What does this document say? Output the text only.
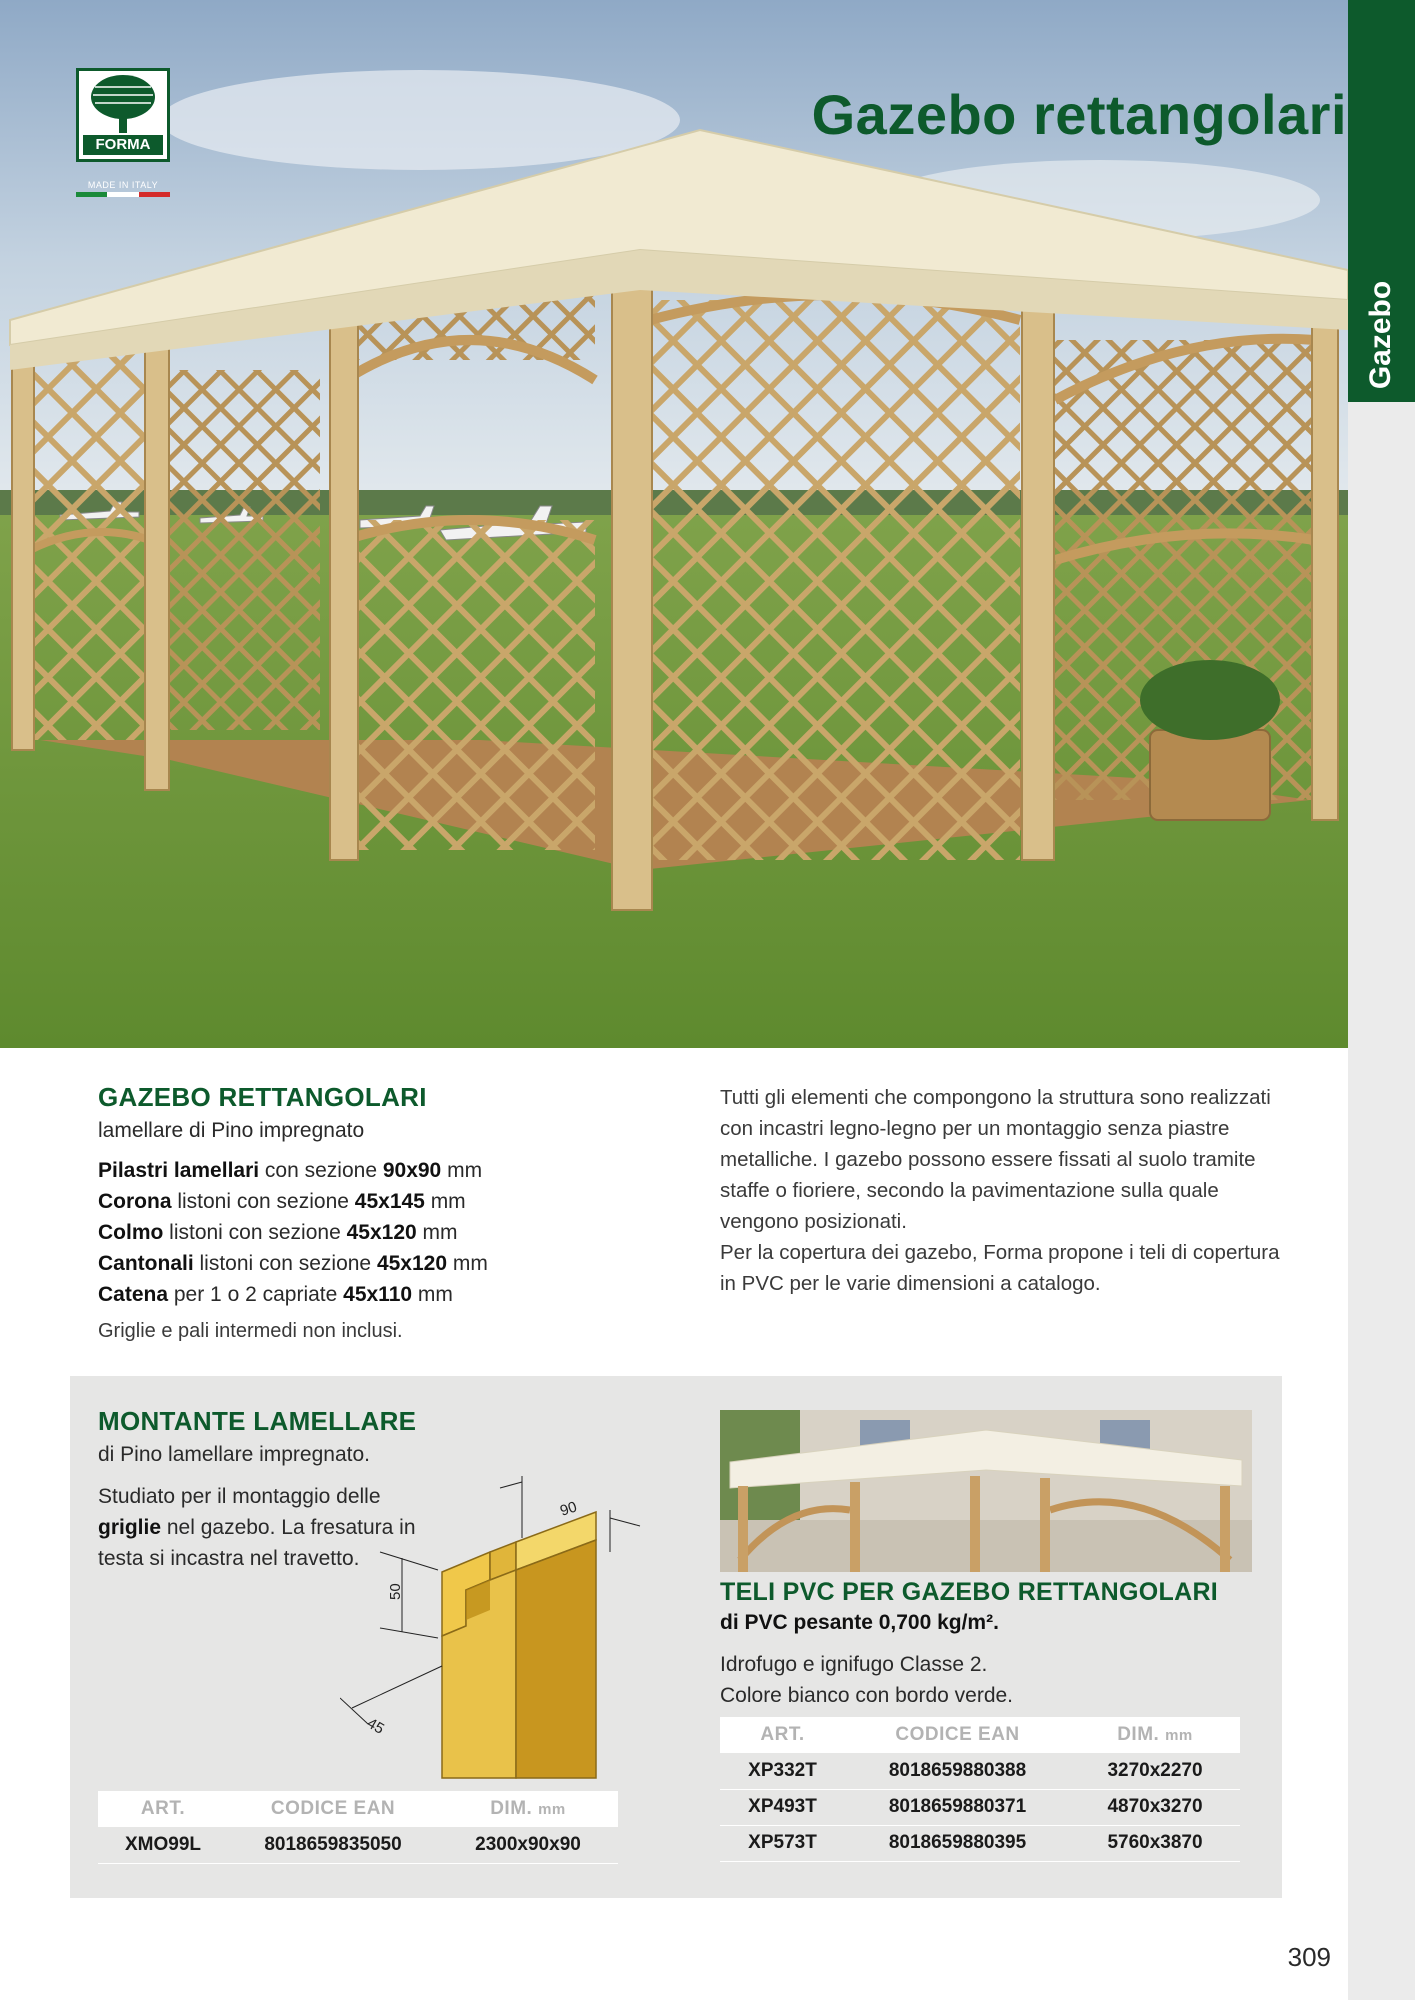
Gazebo rettangolari
FORMA
MADE IN ITALY
Gazebo
GAZEBO RETTANGOLARI
lamellare di Pino impregnato
Pilastri lamellari con sezione 90x90 mm
Corona listoni con sezione 45x145 mm
Colmo listoni con sezione 45x120 mm
Cantonali listoni con sezione 45x120 mm
Catena per 1 o 2 capriate 45x110 mm
Griglie e pali intermedi non inclusi.

Tutti gli elementi che compongono la struttura sono realizzati con incastri legno-legno per un montaggio senza piastre metalliche. I gazebo possono essere fissati al suolo tramite staffe o fioriere, secondo la pavimentazione sulla quale vengono posizionati.

Per la copertura dei gazebo, Forma propone i teli di copertura in PVC per le varie dimensioni a catalogo.

MONTANTE LAMELLARE
di Pino lamellare impregnato.
Studiato per il montaggio delle griglie nel gazebo. La fresatura in testa si incastra nel travetto.
90
50
45
ART.	CODICE EAN	DIM. mm
XMO99L	8018659835050	2300x90x90
TELI PVC PER GAZEBO RETTANGOLARI
di PVC pesante 0,700 kg/m².
Idrofugo e ignifugo Classe 2.
Colore bianco con bordo verde.
ART.	CODICE EAN	DIM. mm
XP332T	8018659880388	3270x2270
XP493T	8018659880371	4870x3270
XP573T	8018659880395	5760x3870
309
